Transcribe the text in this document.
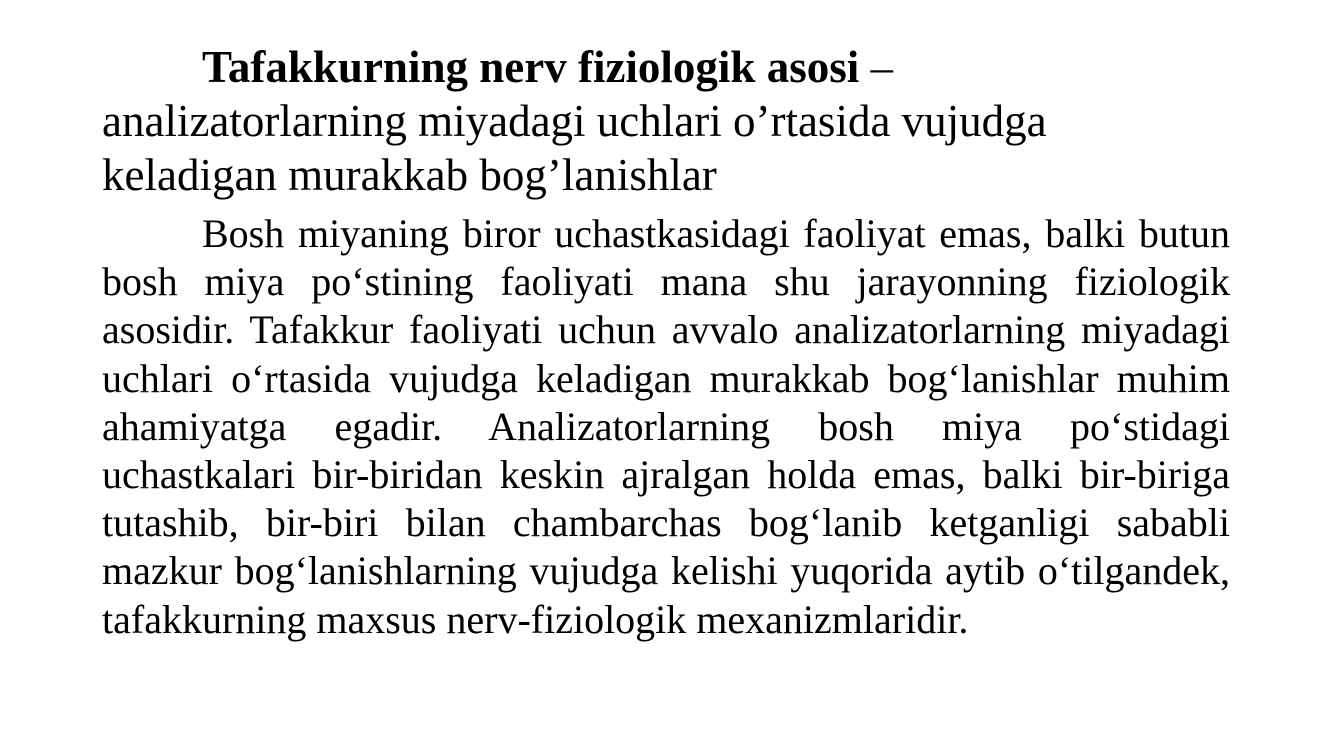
Tafakkurning nerv fiziologik asosi –
analizatorlarning miyadagi uchlari o’rtasida vujudga keladigan murakkab bog’lanishlar

Bosh miyaning biror uchastkasidagi faoliyat emas, balki butun bosh miya po‘stining faoliyati mana shu jarayonning fiziologik asosidir. Tafakkur faoliyati uchun avvalo analizatorlarning miyadagi uchlari o‘rtasida vujudga keladigan murakkab bog‘lanishlar muhim ahamiyatga egadir. Analizatorlarning bosh miya po‘stidagi uchastkalari bir-biridan keskin ajralgan holda emas, balki bir-biriga tutashib, bir-biri bilan chambarchas bog‘lanib ketganligi sababli mazkur bog‘lanishlarning vujudga kelishi yuqorida aytib o‘tilgandek, tafakkurning maxsus nerv-fiziologik mexanizmlaridir.
